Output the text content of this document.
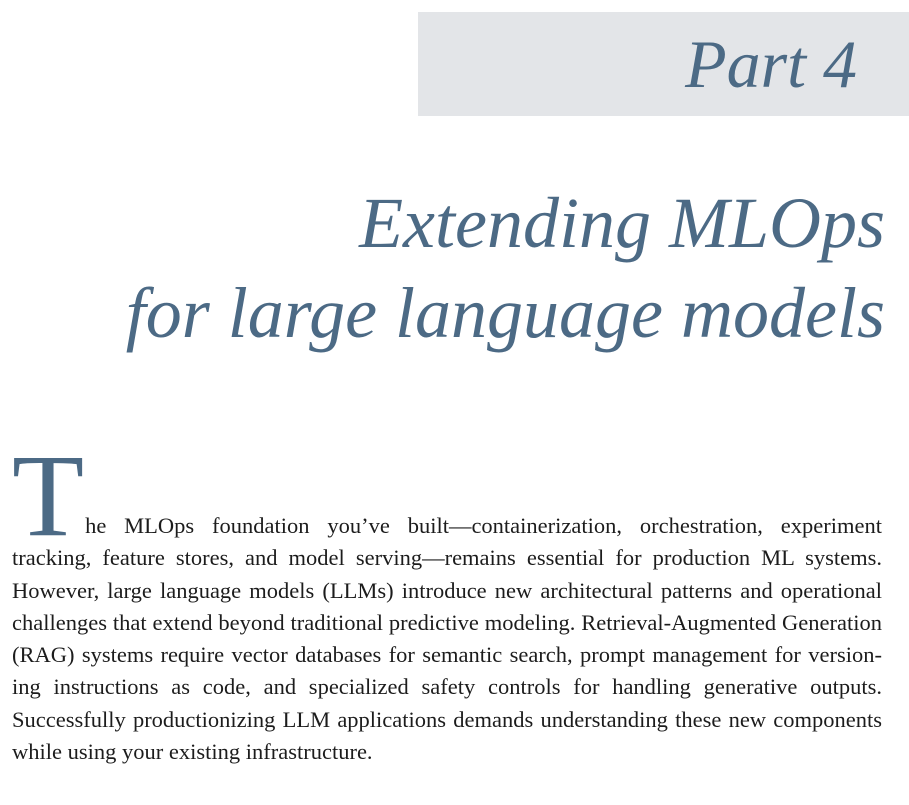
Part 4
Extending MLOps
for large language models

T he MLOps foundation you’ve built—containerization, orchestration, experiment tracking, feature stores, and model serving—remains essential for production ML systems. However, large language models (LLMs) introduce new architectural patterns and operational challenges that extend beyond traditional predictive modeling. Retrieval-Augmented Generation (RAG) systems require vector databases for semantic search, prompt management for versioning instructions as code, and specialized safety controls for handling generative outputs. Successfully productionizing LLM applications demands understanding these new components while using your existing infrastructure.
